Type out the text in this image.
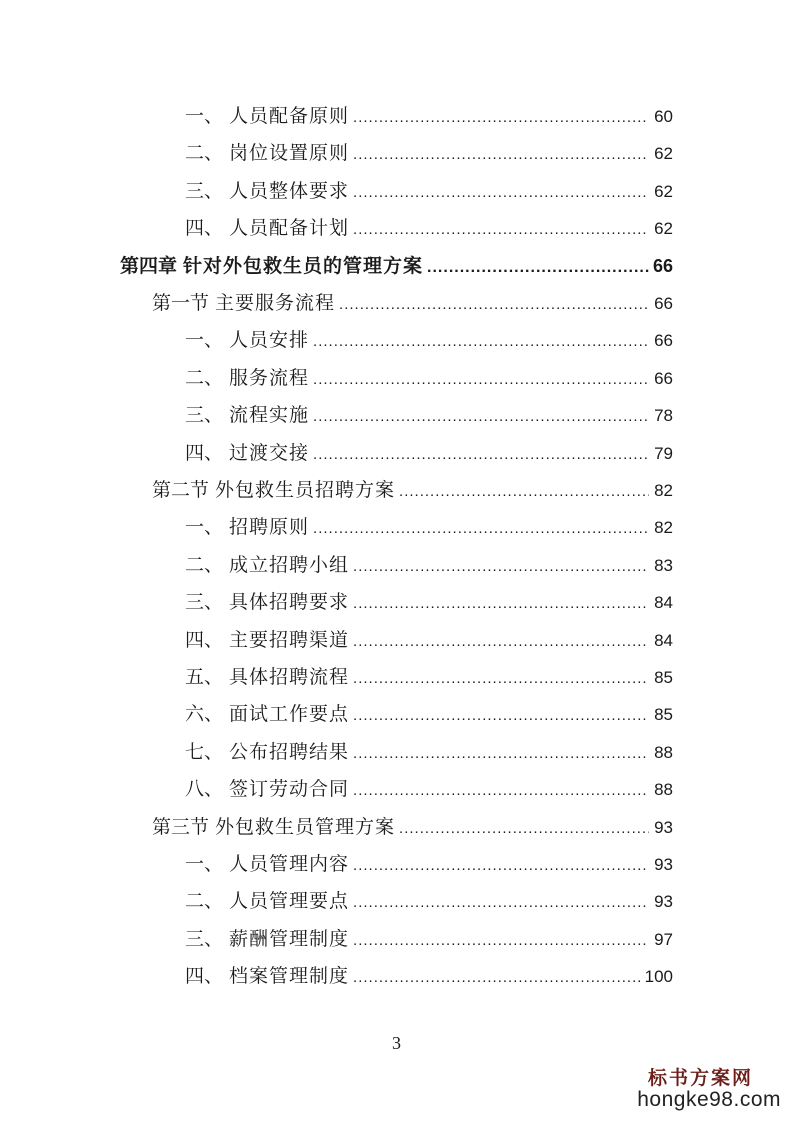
一、 人员配备原则 .....	60
二、 岗位设置原则 .....	62
三、 人员整体要求 .....	62
四、 人员配备计划 .....	62
第四章 针对外包救生员的管理方案 .....	66
第一节 主要服务流程 .....	66
一、 人员安排 .....	66
二、 服务流程 .....	66
三、 流程实施 .....	78
四、 过渡交接 .....	79
第二节 外包救生员招聘方案 .....	82
一、 招聘原则 .....	82
二、 成立招聘小组 .....	83
三、 具体招聘要求 .....	84
四、 主要招聘渠道 .....	84
五、 具体招聘流程 .....	85
六、 面试工作要点 .....	85
七、 公布招聘结果 .....	88
八、 签订劳动合同 .....	88
第三节 外包救生员管理方案 .....	93
一、 人员管理内容 .....	93
二、 人员管理要点 .....	93
三、 薪酬管理制度 .....	97
四、 档案管理制度 .....	100
3
标书方案网
hongke98.com
